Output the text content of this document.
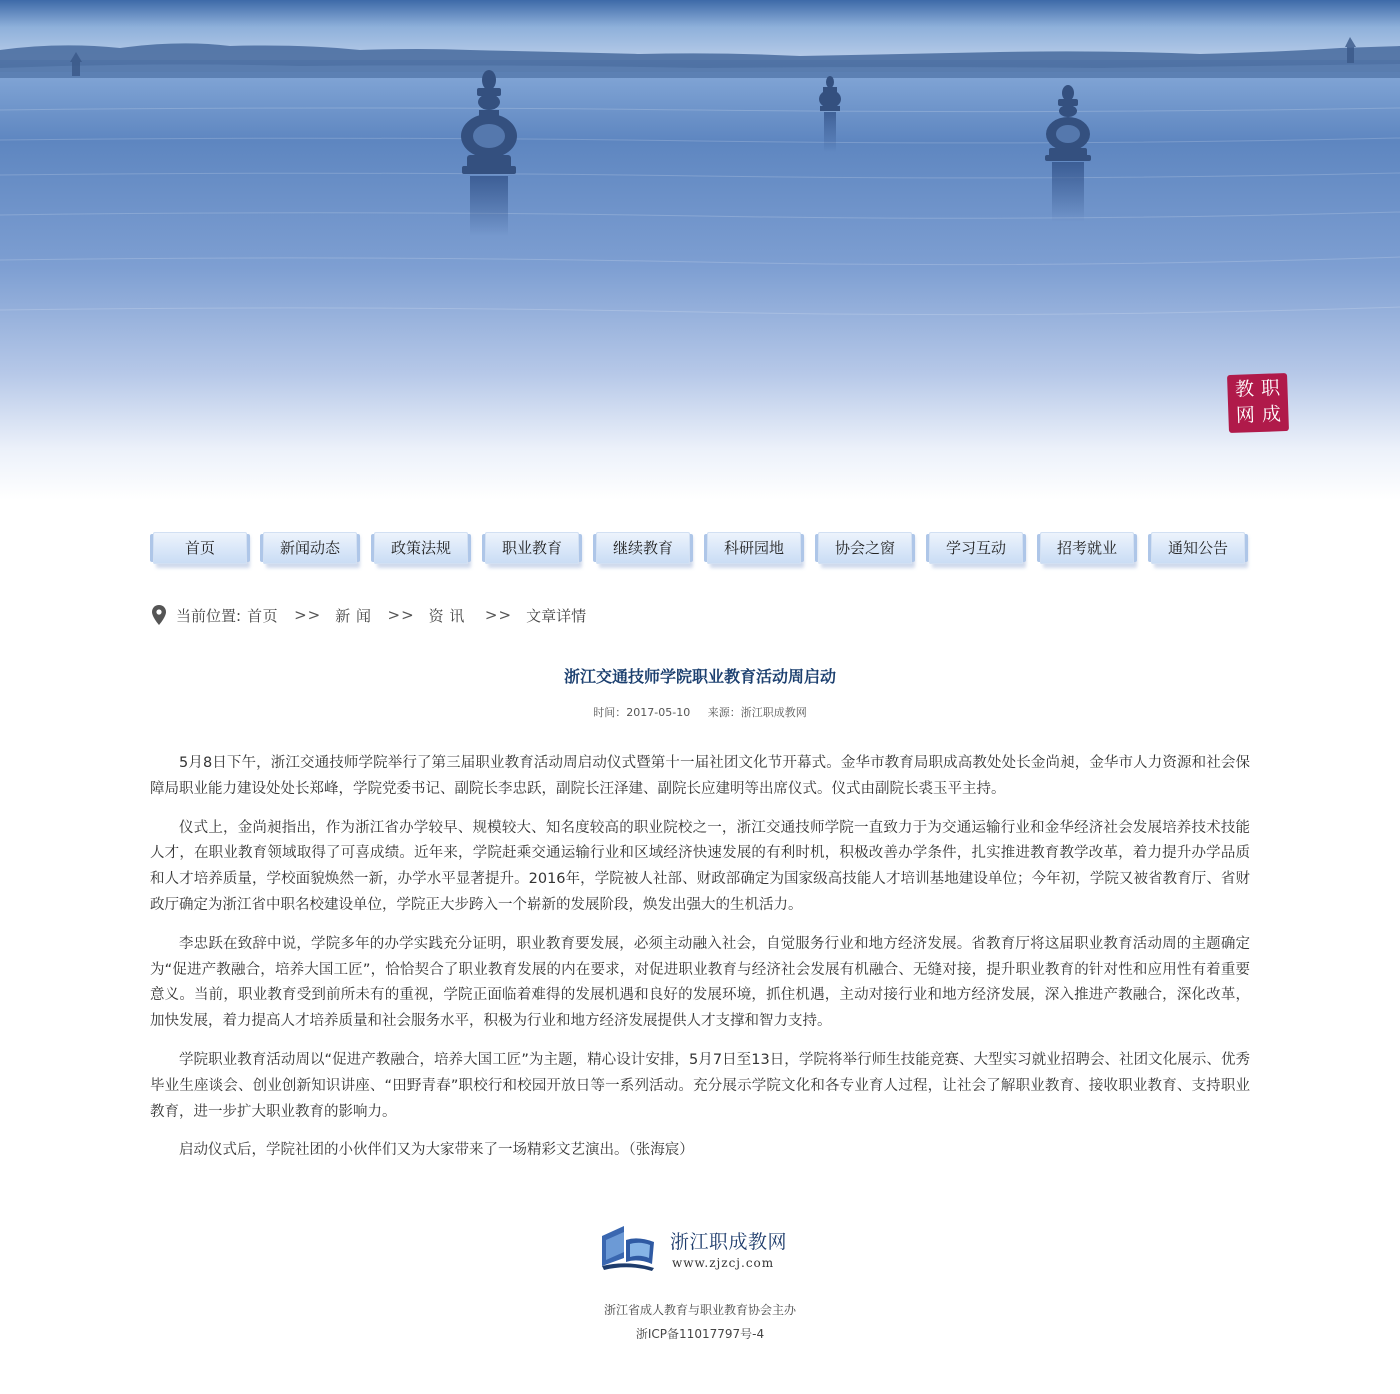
教 职
网 成
首页	新闻动态	政策法规	职业教育	继续教育	科研园地	协会之窗	学习互动	招考就业	通知公告
当前位置: 首页 >> 新 闻 >> 资 讯 >> 文章详情
浙江交通技师学院职业教育活动周启动
时间：2017-05-10 来源：浙江职成教网

5月8日下午，浙江交通技师学院举行了第三届职业教育活动周启动仪式暨第十一届社团文化节开幕式。金华市教育局职成高教处处长金尚昶，金华市人力资源和社会保障局职业能力建设处处长郑峰，学院党委书记、副院长李忠跃，副院长汪泽建、副院长应建明等出席仪式。仪式由副院长裘玉平主持。

仪式上，金尚昶指出，作为浙江省办学较早、规模较大、知名度较高的职业院校之一，浙江交通技师学院一直致力于为交通运输行业和金华经济社会发展培养技术技能人才，在职业教育领域取得了可喜成绩。近年来，学院赶乘交通运输行业和区域经济快速发展的有利时机，积极改善办学条件，扎实推进教育教学改革，着力提升办学品质和人才培养质量，学校面貌焕然一新，办学水平显著提升。2016年，学院被人社部、财政部确定为国家级高技能人才培训基地建设单位；今年初，学院又被省教育厅、省财政厅确定为浙江省中职名校建设单位，学院正大步跨入一个崭新的发展阶段，焕发出强大的生机活力。

李忠跃在致辞中说，学院多年的办学实践充分证明，职业教育要发展，必须主动融入社会，自觉服务行业和地方经济发展。省教育厅将这届职业教育活动周的主题确定为“促进产教融合，培养大国工匠”，恰恰契合了职业教育发展的内在要求，对促进职业教育与经济社会发展有机融合、无缝对接，提升职业教育的针对性和应用性有着重要意义。当前，职业教育受到前所未有的重视，学院正面临着难得的发展机遇和良好的发展环境，抓住机遇，主动对接行业和地方经济发展，深入推进产教融合，深化改革，加快发展，着力提高人才培养质量和社会服务水平，积极为行业和地方经济发展提供人才支撑和智力支持。

学院职业教育活动周以“促进产教融合，培养大国工匠”为主题，精心设计安排，5月7日至13日，学院将举行师生技能竞赛、大型实习就业招聘会、社团文化展示、优秀毕业生座谈会、创业创新知识讲座、“田野青春”职校行和校园开放日等一系列活动。充分展示学院文化和各专业育人过程，让社会了解职业教育、接收职业教育、支持职业教育，进一步扩大职业教育的影响力。

启动仪式后，学院社团的小伙伴们又为大家带来了一场精彩文艺演出。（张海宸）

浙江职成教网
www.zjzcj.com
浙江省成人教育与职业教育协会主办
浙ICP备11017797号-4
